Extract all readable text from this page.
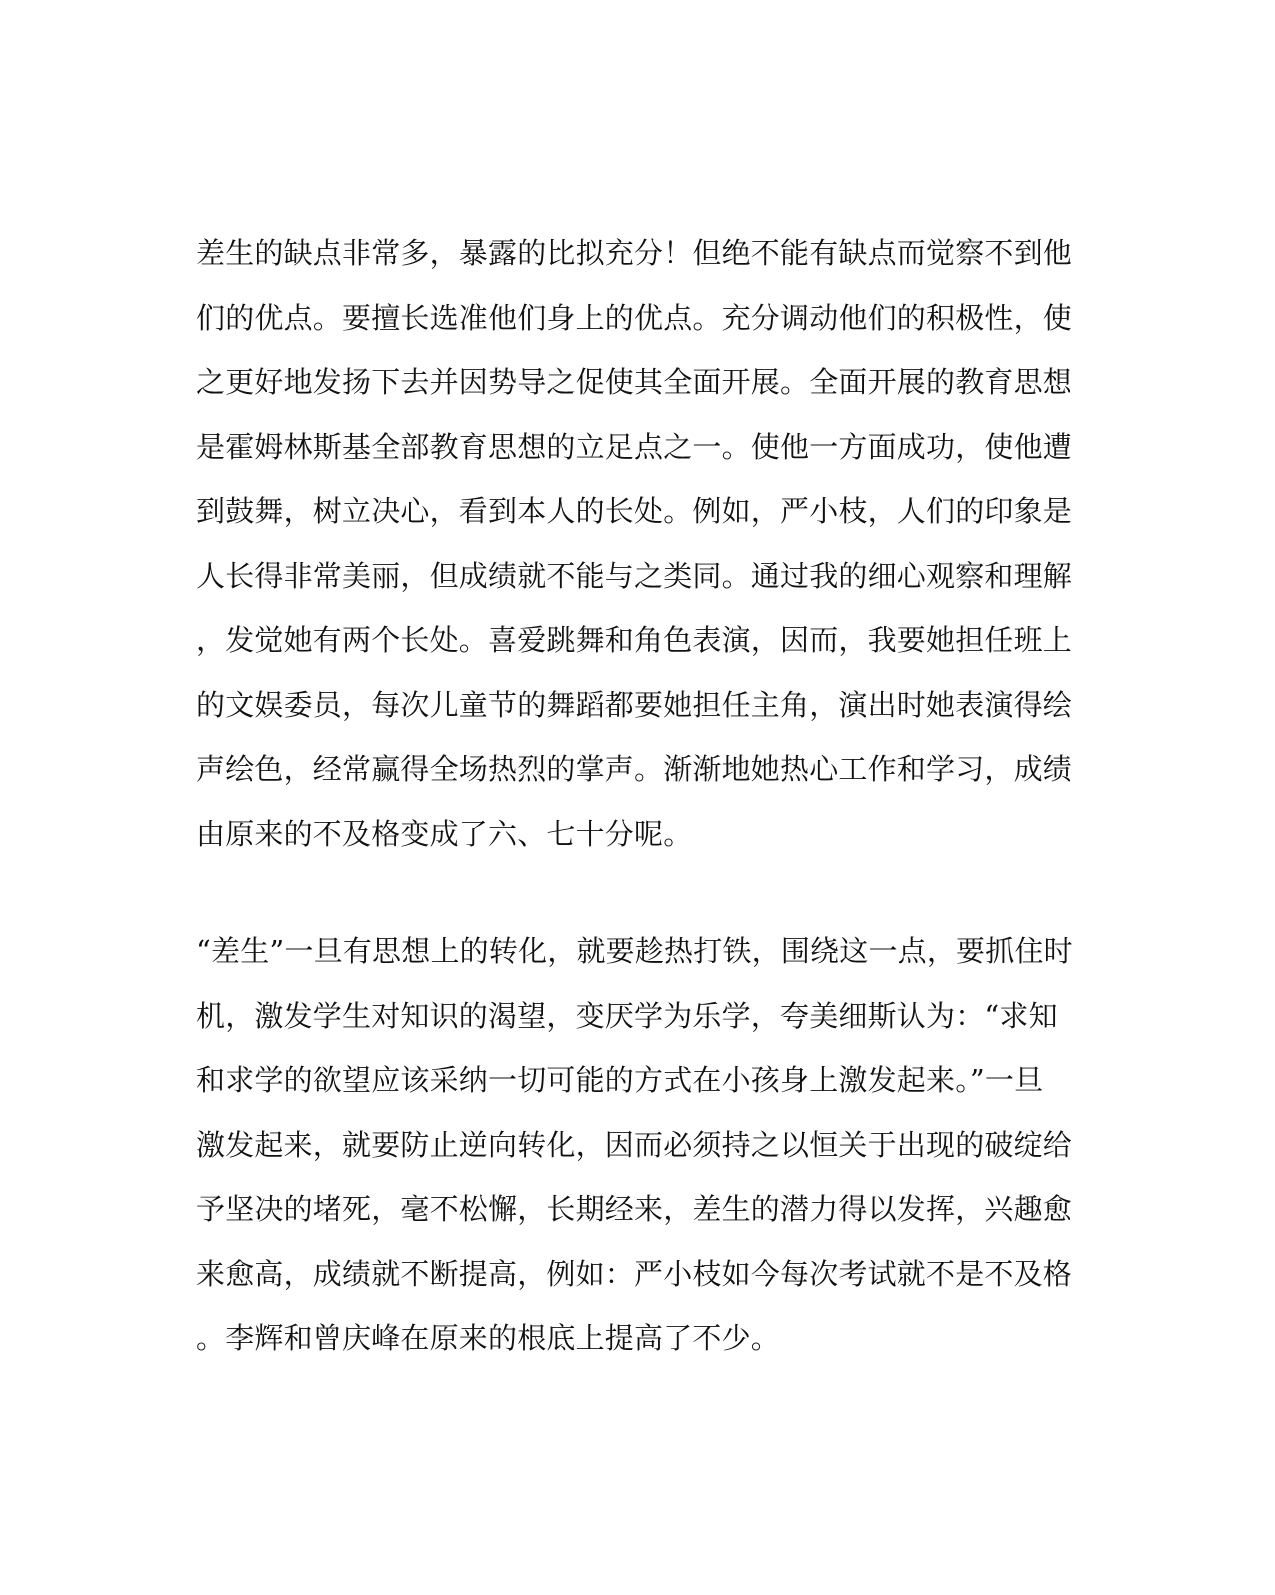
差生的缺点非常多，暴露的比拟充分！但绝不能有缺点而觉察不到他
们的优点。要擅长选准他们身上的优点。充分调动他们的积极性，使
之更好地发扬下去并因势导之促使其全面开展。全面开展的教育思想
是霍姆林斯基全部教育思想的立足点之一。使他一方面成功，使他遭
到鼓舞，树立决心，看到本人的长处。例如，严小枝，人们的印象是
人长得非常美丽，但成绩就不能与之类同。通过我的细心观察和理解
，发觉她有两个长处。喜爱跳舞和角色表演，因而，我要她担任班上
的文娱委员，每次儿童节的舞蹈都要她担任主角，演出时她表演得绘
声绘色，经常赢得全场热烈的掌声。渐渐地她热心工作和学习，成绩
由原来的不及格变成了六、七十分呢。
“差生”一旦有思想上的转化，就要趁热打铁，围绕这一点，要抓住时
机，激发学生对知识的渴望，变厌学为乐学，夸美细斯认为：“求知
和求学的欲望应该采纳一切可能的方式在小孩身上激发起来。”一旦
激发起来，就要防止逆向转化，因而必须持之以恒关于出现的破绽给
予坚决的堵死，毫不松懈，长期经来，差生的潜力得以发挥，兴趣愈
来愈高，成绩就不断提高，例如：严小枝如今每次考试就不是不及格
。李辉和曾庆峰在原来的根底上提高了不少。
